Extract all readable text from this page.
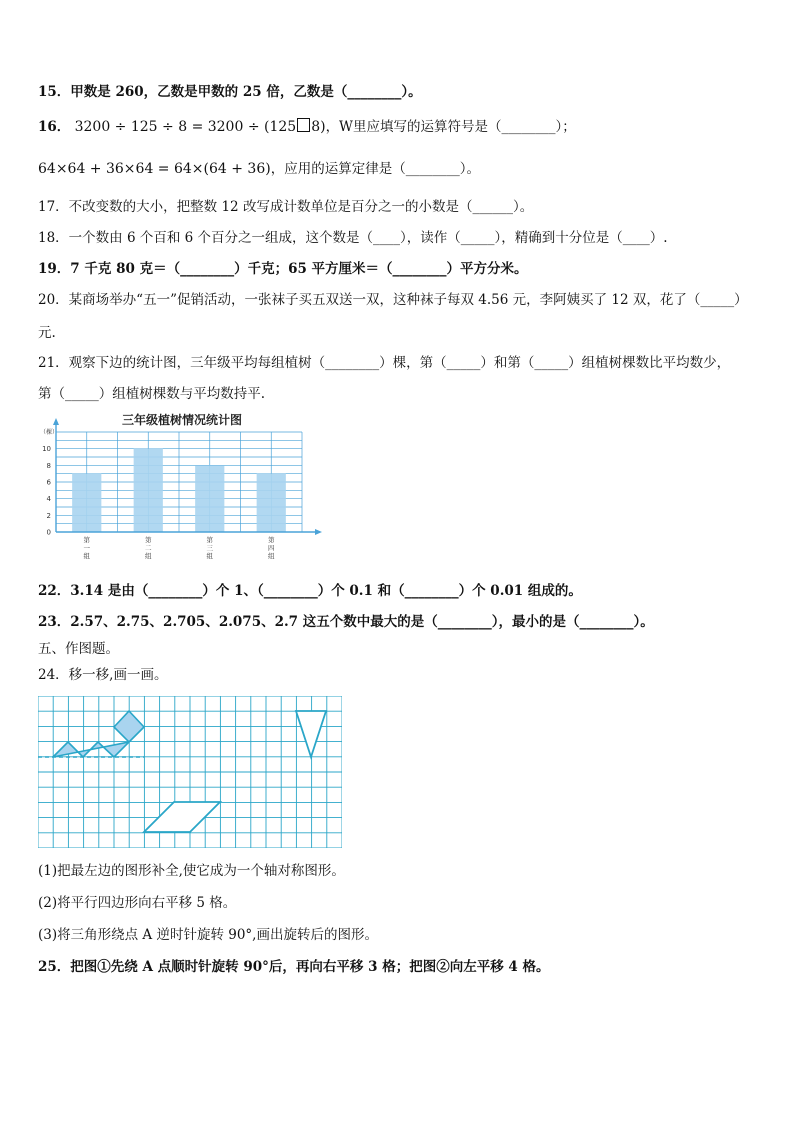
15．甲数是 260，乙数是甲数的 25 倍，乙数是（________）。
16． 3200 ÷ 125 ÷ 8 = 3200 ÷ (125 8)，W里应填写的运算符号是（________）；
64×64 + 36×64 = 64×(64 + 36)，应用的运算定律是（________）。
17．不改变数的大小，把整数 12 改写成计数单位是百分之一的小数是（______）。
18．一个数由 6 个百和 6 个百分之一组成，这个数是（____），读作（_____），精确到十分位是（____）.
19．7 千克 80 克＝（________）千克；65 平方厘米＝（________）平方分米。
20．某商场举办“五一”促销活动，一张袜子买五双送一双，这种袜子每双 4.56 元，李阿姨买了 12 双，花了（_____）
元.
21．观察下边的统计图，三年级平均每组植树（________）棵，第（_____）和第（_____）组植树棵数比平均数少，
第（_____）组植树棵数与平均数持平.
三年级植树情况统计图
（棵）
第一组
第二组
第三组
第四组
0
2
4
6
8
10
22．3.14 是由（________）个 1、（________）个 0.1 和（________）个 0.01 组成的。
23．2.57、2.75、2.705、2.075、2.7 这五个数中最大的是（________），最小的是（________）。
五、作图题。
24．移一移,画一画。
(1)把最左边的图形补全,使它成为一个轴对称图形。
(2)将平行四边形向右平移 5 格。
(3)将三角形绕点 A 逆时针旋转 90°,画出旋转后的图形。
25．把图①先绕 A 点顺时针旋转 90°后，再向右平移 3 格；把图②向左平移 4 格。
